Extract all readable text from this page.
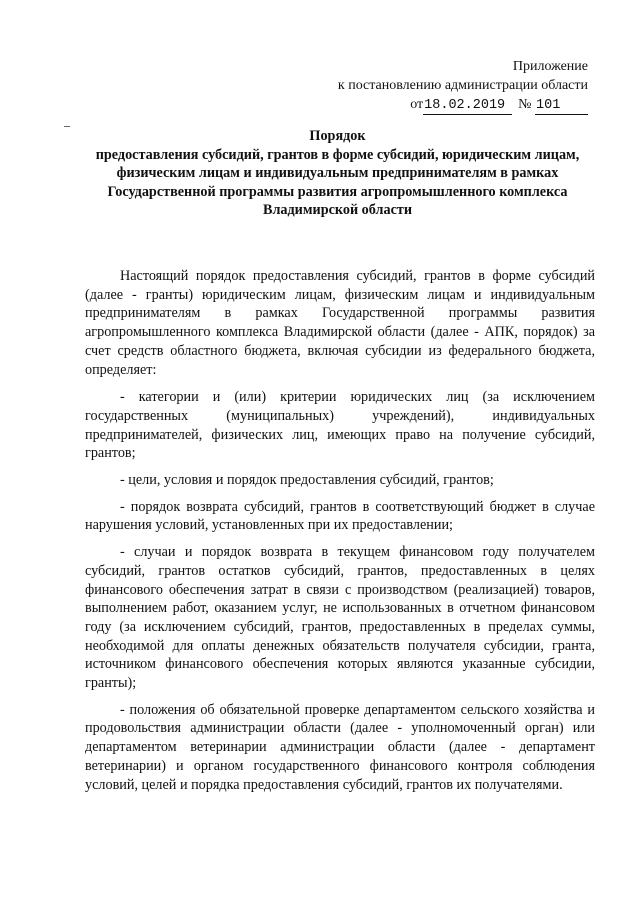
Приложение
к постановлению администрации области
от18.02.2019 № 101
Порядок
предоставления субсидий, грантов в форме субсидий, юридическим лицам, физическим лицам и индивидуальным предпринимателям в рамках Государственной программы развития агропромышленного комплекса Владимирской области

Настоящий порядок предоставления субсидий, грантов в форме субсидий (далее - гранты) юридическим лицам, физическим лицам и индивидуальным предпринимателям в рамках Государственной программы развития агропромышленного комплекса Владимирской области (далее - АПК, порядок) за счет средств областного бюджета, включая субсидии из федерального бюджета, определяет:

- категории и (или) критерии юридических лиц (за исключением государственных (муниципальных) учреждений), индивидуальных предпринимателей, физических лиц, имеющих право на получение субсидий, грантов;

- цели, условия и порядок предоставления субсидий, грантов;

- порядок возврата субсидий, грантов в соответствующий бюджет в случае нарушения условий, установленных при их предоставлении;

- случаи и порядок возврата в текущем финансовом году получателем субсидий, грантов остатков субсидий, грантов, предоставленных в целях финансового обеспечения затрат в связи с производством (реализацией) товаров, выполнением работ, оказанием услуг, не использованных в отчетном финансовом году (за исключением субсидий, грантов, предоставленных в пределах суммы, необходимой для оплаты денежных обязательств получателя субсидии, гранта, источником финансового обеспечения которых являются указанные субсидии, гранты);

- положения об обязательной проверке департаментом сельского хозяйства и продовольствия администрации области (далее - уполномоченный орган) или департаментом ветеринарии администрации области (далее - департамент ветеринарии) и органом государственного финансового контроля соблюдения условий, целей и порядка предоставления субсидий, грантов их получателями.
